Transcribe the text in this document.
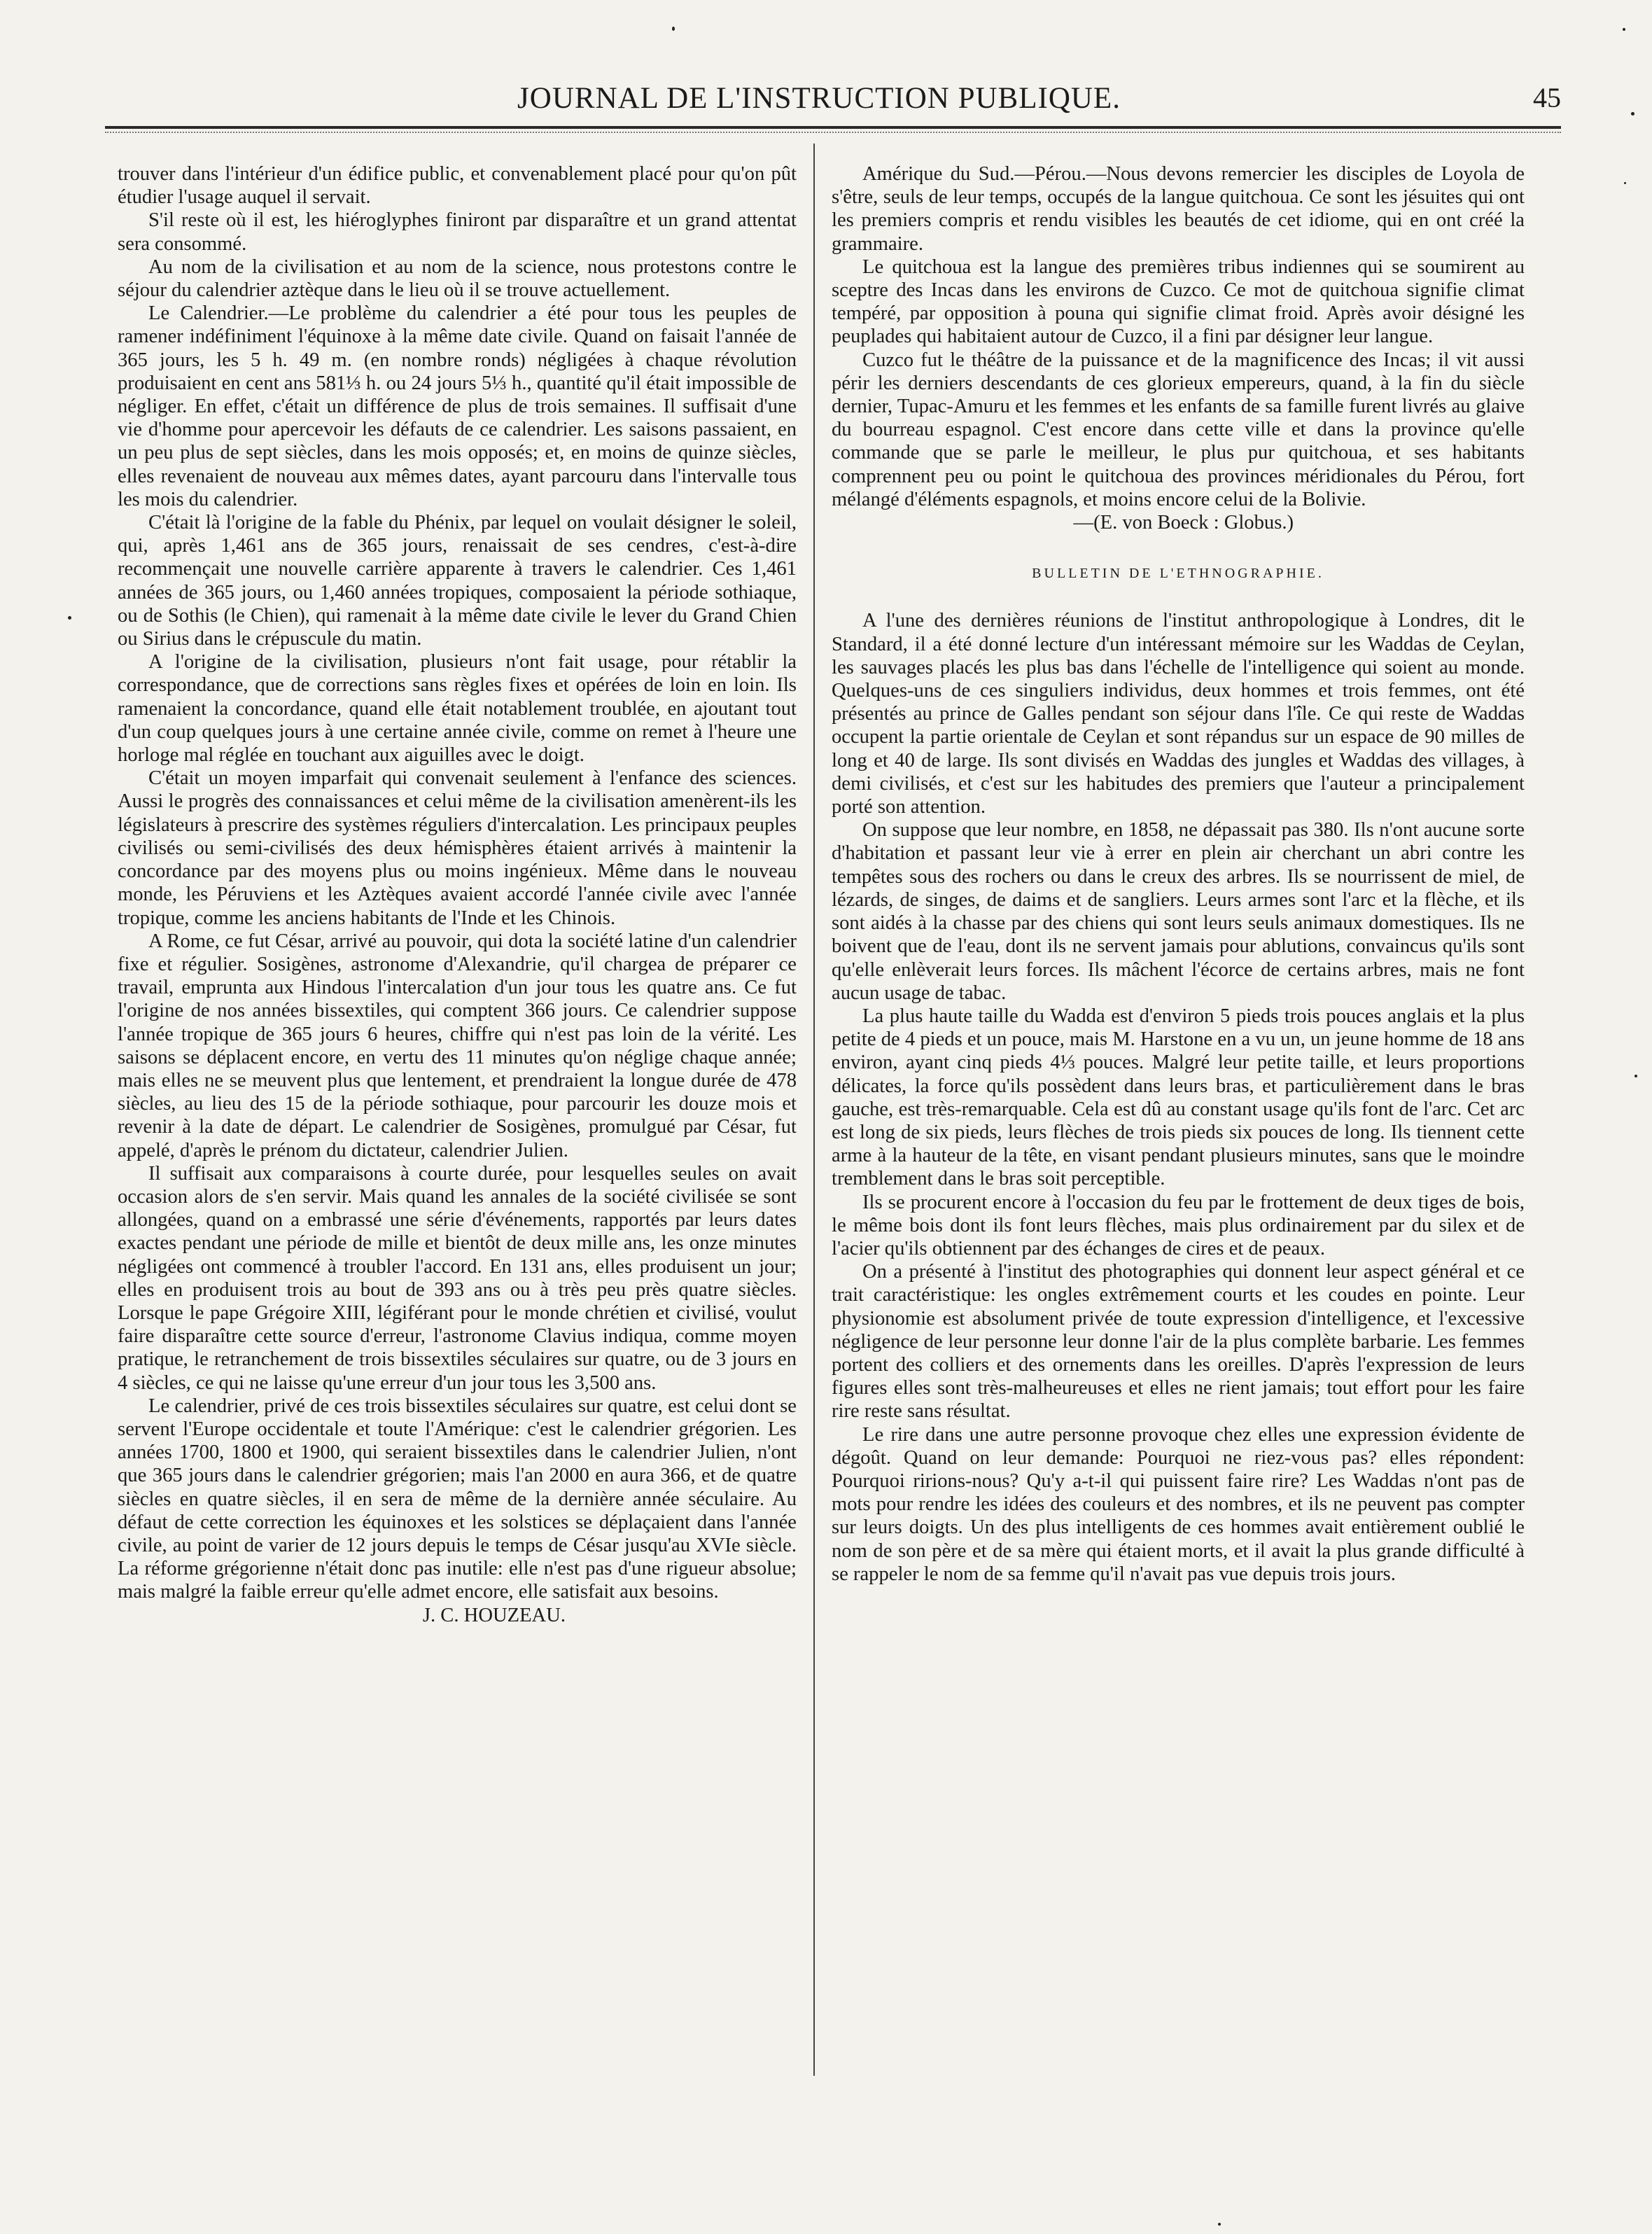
JOURNAL DE L'INSTRUCTION PUBLIQUE.	45

trouver dans l'intérieur d'un édifice public, et convenablement placé pour qu'on pût étudier l'usage auquel il servait.

S'il reste où il est, les hiéroglyphes finiront par disparaître et un grand attentat sera consommé.

Au nom de la civilisation et au nom de la science, nous protestons contre le séjour du calendrier aztèque dans le lieu où il se trouve actuellement.

Le Calendrier.—Le problème du calendrier a été pour tous les peuples de ramener indéfiniment l'équinoxe à la même date civile. Quand on faisait l'année de 365 jours, les 5 h. 49 m. (en nombre ronds) négligées à chaque révolution produisaient en cent ans 581⅓ h. ou 24 jours 5⅓ h., quantité qu'il était impossible de négliger. En effet, c'était un différence de plus de trois semaines. Il suffisait d'une vie d'homme pour apercevoir les défauts de ce calendrier. Les saisons passaient, en un peu plus de sept siècles, dans les mois opposés; et, en moins de quinze siècles, elles revenaient de nouveau aux mêmes dates, ayant parcouru dans l'intervalle tous les mois du calendrier.

C'était là l'origine de la fable du Phénix, par lequel on voulait désigner le soleil, qui, après 1,461 ans de 365 jours, renaissait de ses cendres, c'est-à-dire recommençait une nouvelle carrière apparente à travers le calendrier. Ces 1,461 années de 365 jours, ou 1,460 années tropiques, composaient la période sothiaque, ou de Sothis (le Chien), qui ramenait à la même date civile le lever du Grand Chien ou Sirius dans le crépuscule du matin.

A l'origine de la civilisation, plusieurs n'ont fait usage, pour rétablir la correspondance, que de corrections sans règles fixes et opérées de loin en loin. Ils ramenaient la concordance, quand elle était notablement troublée, en ajoutant tout d'un coup quelques jours à une certaine année civile, comme on remet à l'heure une horloge mal réglée en touchant aux aiguilles avec le doigt.

C'était un moyen imparfait qui convenait seulement à l'enfance des sciences. Aussi le progrès des connaissances et celui même de la civilisation amenèrent-ils les législateurs à prescrire des systèmes réguliers d'intercalation. Les principaux peuples civilisés ou semi-civilisés des deux hémisphères étaient arrivés à maintenir la concordance par des moyens plus ou moins ingénieux. Même dans le nouveau monde, les Péruviens et les Aztèques avaient accordé l'année civile avec l'année tropique, comme les anciens habitants de l'Inde et les Chinois.

A Rome, ce fut César, arrivé au pouvoir, qui dota la société latine d'un calendrier fixe et régulier. Sosigènes, astronome d'Alexandrie, qu'il chargea de préparer ce travail, emprunta aux Hindous l'intercalation d'un jour tous les quatre ans. Ce fut l'origine de nos années bissextiles, qui comptent 366 jours. Ce calendrier suppose l'année tropique de 365 jours 6 heures, chiffre qui n'est pas loin de la vérité. Les saisons se déplacent encore, en vertu des 11 minutes qu'on néglige chaque année; mais elles ne se meuvent plus que lentement, et prendraient la longue durée de 478 siècles, au lieu des 15 de la période sothiaque, pour parcourir les douze mois et revenir à la date de départ. Le calendrier de Sosigènes, promulgué par César, fut appelé, d'après le prénom du dictateur, calendrier Julien.

Il suffisait aux comparaisons à courte durée, pour lesquelles seules on avait occasion alors de s'en servir. Mais quand les annales de la société civilisée se sont allongées, quand on a embrassé une série d'événements, rapportés par leurs dates exactes pendant une période de mille et bientôt de deux mille ans, les onze minutes négligées ont commencé à troubler l'accord. En 131 ans, elles produisent un jour; elles en produisent trois au bout de 393 ans ou à très peu près quatre siècles. Lorsque le pape Grégoire XIII, légiférant pour le monde chrétien et civilisé, voulut faire disparaître cette source d'erreur, l'astronome Clavius indiqua, comme moyen pratique, le retranchement de trois bissextiles séculaires sur quatre, ou de 3 jours en 4 siècles, ce qui ne laisse qu'une erreur d'un jour tous les 3,500 ans.

Le calendrier, privé de ces trois bissextiles séculaires sur quatre, est celui dont se servent l'Europe occidentale et toute l'Amérique: c'est le calendrier grégorien. Les années 1700, 1800 et 1900, qui seraient bissextiles dans le calendrier Julien, n'ont que 365 jours dans le calendrier grégorien; mais l'an 2000 en aura 366, et de quatre siècles en quatre siècles, il en sera de même de la dernière année séculaire. Au défaut de cette correction les équinoxes et les solstices se déplaçaient dans l'année civile, au point de varier de 12 jours depuis le temps de César jusqu'au XVIe siècle. La réforme grégorienne n'était donc pas inutile: elle n'est pas d'une rigueur absolue; mais malgré la faible erreur qu'elle admet encore, elle satisfait aux besoins.

J. C. HOUZEAU.

Amérique du Sud.—Pérou.—Nous devons remercier les disciples de Loyola de s'être, seuls de leur temps, occupés de la langue quitchoua. Ce sont les jésuites qui ont les premiers compris et rendu visibles les beautés de cet idiome, qui en ont créé la grammaire.

Le quitchoua est la langue des premières tribus indiennes qui se soumirent au sceptre des Incas dans les environs de Cuzco. Ce mot de quitchoua signifie climat tempéré, par opposition à pouna qui signifie climat froid. Après avoir désigné les peuplades qui habitaient autour de Cuzco, il a fini par désigner leur langue.

Cuzco fut le théâtre de la puissance et de la magnificence des Incas; il vit aussi périr les derniers descendants de ces glorieux empereurs, quand, à la fin du siècle dernier, Tupac-Amuru et les femmes et les enfants de sa famille furent livrés au glaive du bourreau espagnol. C'est encore dans cette ville et dans la province qu'elle commande que se parle le meilleur, le plus pur quitchoua, et ses habitants comprennent peu ou point le quitchoua des provinces méridionales du Pérou, fort mélangé d'éléments espagnols, et moins encore celui de la Bolivie.

—(E. von Boeck : Globus.)

BULLETIN DE L'ETHNOGRAPHIE.

A l'une des dernières réunions de l'institut anthropologique à Londres, dit le Standard, il a été donné lecture d'un intéressant mémoire sur les Waddas de Ceylan, les sauvages placés les plus bas dans l'échelle de l'intelligence qui soient au monde. Quelques-uns de ces singuliers individus, deux hommes et trois femmes, ont été présentés au prince de Galles pendant son séjour dans l'île. Ce qui reste de Waddas occupent la partie orientale de Ceylan et sont répandus sur un espace de 90 milles de long et 40 de large. Ils sont divisés en Waddas des jungles et Waddas des villages, à demi civilisés, et c'est sur les habitudes des premiers que l'auteur a principalement porté son attention.

On suppose que leur nombre, en 1858, ne dépassait pas 380. Ils n'ont aucune sorte d'habitation et passant leur vie à errer en plein air cherchant un abri contre les tempêtes sous des rochers ou dans le creux des arbres. Ils se nourrissent de miel, de lézards, de singes, de daims et de sangliers. Leurs armes sont l'arc et la flèche, et ils sont aidés à la chasse par des chiens qui sont leurs seuls animaux domestiques. Ils ne boivent que de l'eau, dont ils ne servent jamais pour ablutions, convaincus qu'ils sont qu'elle enlèverait leurs forces. Ils mâchent l'écorce de certains arbres, mais ne font aucun usage de tabac.

La plus haute taille du Wadda est d'environ 5 pieds trois pouces anglais et la plus petite de 4 pieds et un pouce, mais M. Harstone en a vu un, un jeune homme de 18 ans environ, ayant cinq pieds 4⅓ pouces. Malgré leur petite taille, et leurs proportions délicates, la force qu'ils possèdent dans leurs bras, et particulièrement dans le bras gauche, est très-remarquable. Cela est dû au constant usage qu'ils font de l'arc. Cet arc est long de six pieds, leurs flèches de trois pieds six pouces de long. Ils tiennent cette arme à la hauteur de la tête, en visant pendant plusieurs minutes, sans que le moindre tremblement dans le bras soit perceptible.

Ils se procurent encore à l'occasion du feu par le frottement de deux tiges de bois, le même bois dont ils font leurs flèches, mais plus ordinairement par du silex et de l'acier qu'ils obtiennent par des échanges de cires et de peaux.

On a présenté à l'institut des photographies qui donnent leur aspect général et ce trait caractéristique: les ongles extrêmement courts et les coudes en pointe. Leur physionomie est absolument privée de toute expression d'intelligence, et l'excessive négligence de leur personne leur donne l'air de la plus complète barbarie. Les femmes portent des colliers et des ornements dans les oreilles. D'après l'expression de leurs figures elles sont très-malheureuses et elles ne rient jamais; tout effort pour les faire rire reste sans résultat.

Le rire dans une autre personne provoque chez elles une expression évidente de dégoût. Quand on leur demande: Pourquoi ne riez-vous pas? elles répondent: Pourquoi ririons-nous? Qu'y a-t-il qui puissent faire rire? Les Waddas n'ont pas de mots pour rendre les idées des couleurs et des nombres, et ils ne peuvent pas compter sur leurs doigts. Un des plus intelligents de ces hommes avait entièrement oublié le nom de son père et de sa mère qui étaient morts, et il avait la plus grande difficulté à se rappeler le nom de sa femme qu'il n'avait pas vue depuis trois jours.
